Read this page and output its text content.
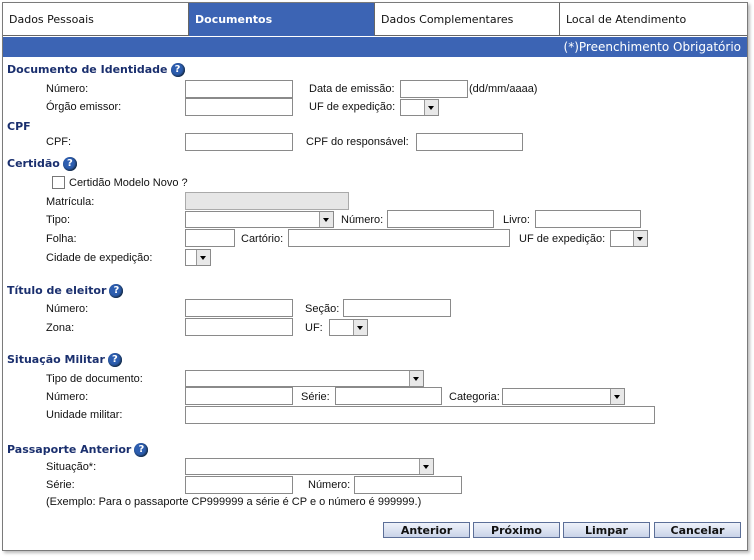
Dados Pessoais	Documentos	Dados Complementares	Local de Atendimento
(*)Preenchimento Obrigatório
Documento de Identidade ?
Número:	Data de emissão:	(dd/mm/aaaa)
Órgão emissor:	UF de expedição:
CPF
CPF:	CPF do responsável:
Certidão ?
Certidão Modelo Novo ?
Matrícula:
Tipo:	Número:	Livro:
Folha:	Cartório:	UF de expedição:
Cidade de expedição:
Título de eleitor ?
Número:	Seção:
Zona:	UF:
Situação Militar ?
Tipo de documento:
Número:	Série:	Categoria:
Unidade militar:
Passaporte Anterior ?
Situação*:
Série:	Número:
(Exemplo: Para o passaporte CP999999 a série é CP e o número é 999999.)
Anterior	Próximo	Limpar	Cancelar
